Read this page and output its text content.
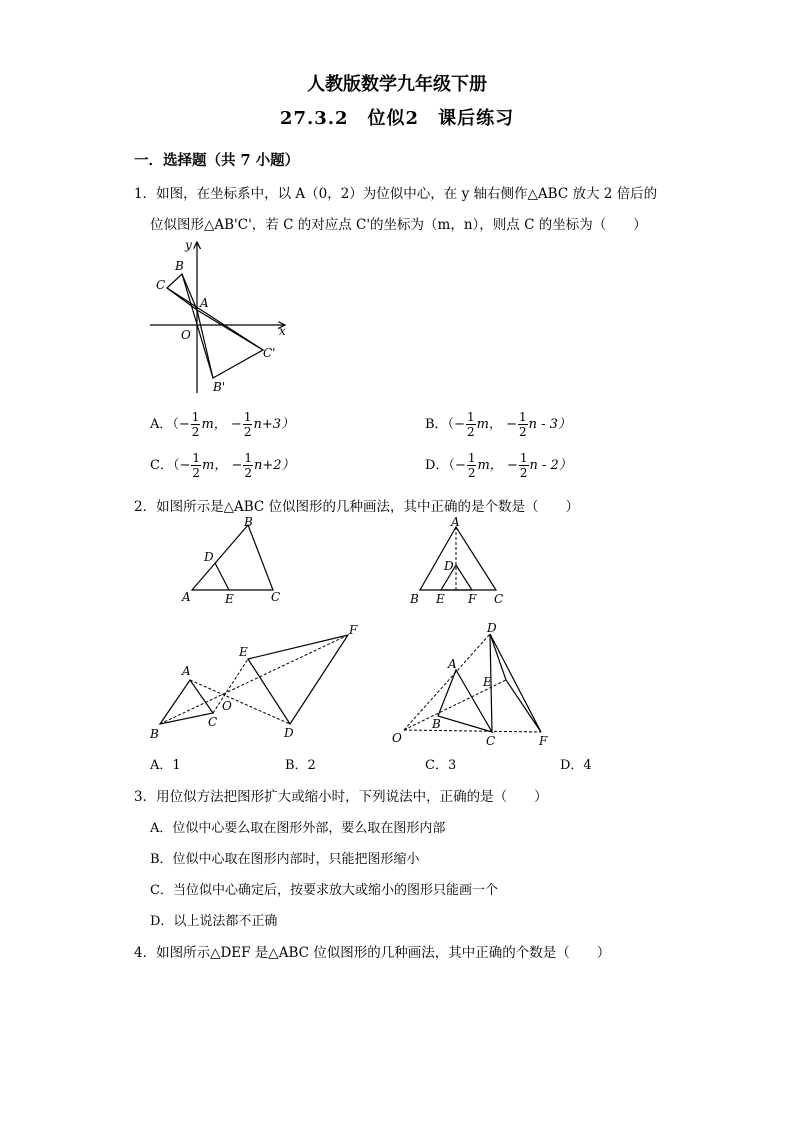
人教版数学九年级下册
27.3.2　位似2　课后练习
一．选择题（共 7 小题）
1．如图，在坐标系中，以 A（0，2）为位似中心，在 y 轴右侧作△ABC 放大 2 倍后的
位似图形△AB'C'，若 C 的对应点 C'的坐标为（m，n），则点 C 的坐标为（　　）
y
B
C
A
O	x
C'
B'
A．（− $\frac{1}{2}$ m， − $\frac{1}{2} n+3$）	B．（− $\frac{1}{2}$ m， − $\frac{1}{2}$ n - 3）
C．（− $\frac{1}{2}$ m， − $\frac{1}{2} n+2$）	D．（− $\frac{1}{2}$ m， − $\frac{1}{2}$ n - 2）
2．如图所示是△ABC 位似图形的几种画法，其中正确的是个数是（　　）
B
D
A	E	C
A
D
B E F C
F
E
A
O
B
C
D
D
A
E
B
O	C	F
A．1	B．2	C．3	D．4
3．用位似方法把图形扩大或缩小时，下列说法中，正确的是（　　）
A．位似中心要么取在图形外部，要么取在图形内部
B．位似中心取在图形内部时，只能把图形缩小
C．当位似中心确定后，按要求放大或缩小的图形只能画一个
D．以上说法都不正确
4．如图所示△DEF 是△ABC 位似图形的几种画法，其中正确的个数是（　　）
